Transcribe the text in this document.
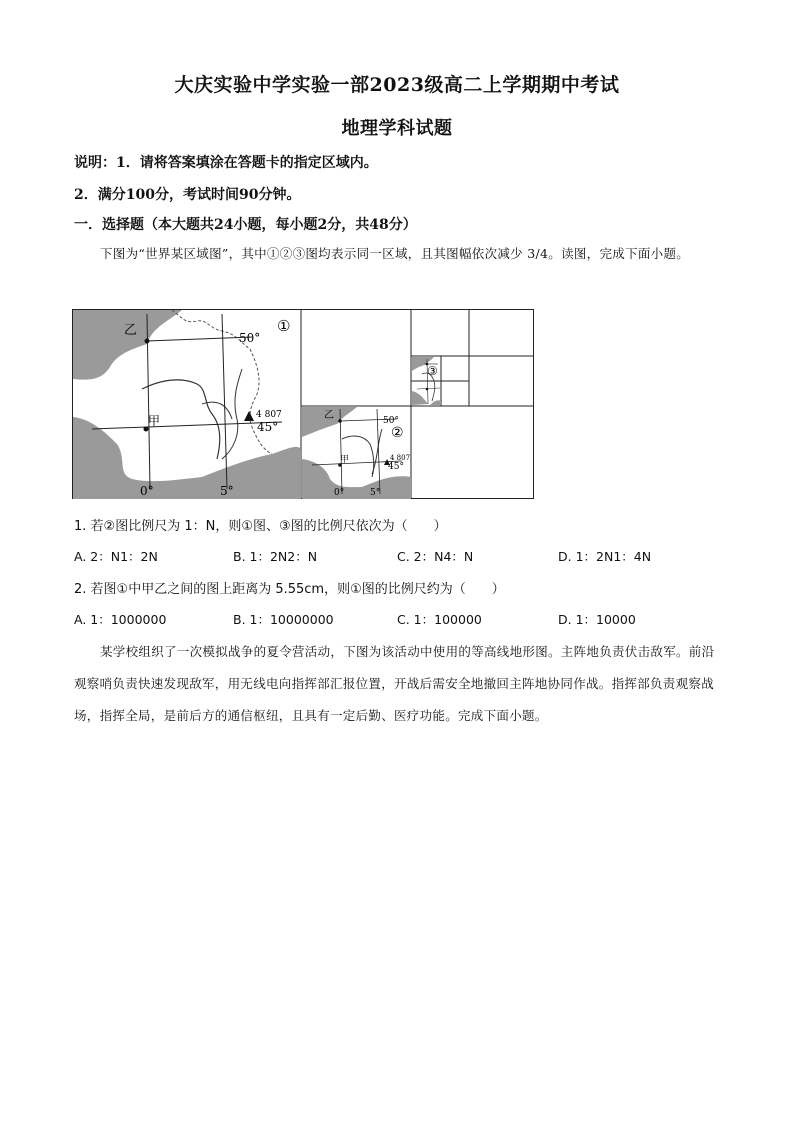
大庆实验中学实验一部2023级高二上学期期中考试
地理学科试题
说明：1．请将答案填涂在答题卡的指定区域内。
2．满分100分，考试时间90分钟。
一．选择题（本大题共24小题，每小题2分，共48分）
下图为“世界某区域图”，其中①②③图均表示同一区域，且其图幅依次减少 3/4。读图，完成下面小题。
①
乙
甲
50°
45°
0°	5°
4 807
②
乙
甲
50°
45°
0°	5°
4 807
③
1. 若②图比例尺为 1：N，则①图、③图的比例尺依次为（　　）
A. 2：N1：2N	B. 1：2N2：N	C. 2：N4：N	D. 1：2N1：4N
2. 若图①中甲乙之间的图上距离为 5.55cm，则①图的比例尺约为（　　）
A. 1：1000000	B. 1：10000000	C. 1：100000	D. 1：10000
某学校组织了一次模拟战争的夏令营活动，下图为该活动中使用的等高线地形图。主阵地负责伏击敌军。前沿观察哨负责快速发现敌军，用无线电向指挥部汇报位置，开战后需安全地撤回主阵地协同作战。指挥部负责观察战场，指挥全局，是前后方的通信枢纽，且具有一定后勤、医疗功能。完成下面小题。
